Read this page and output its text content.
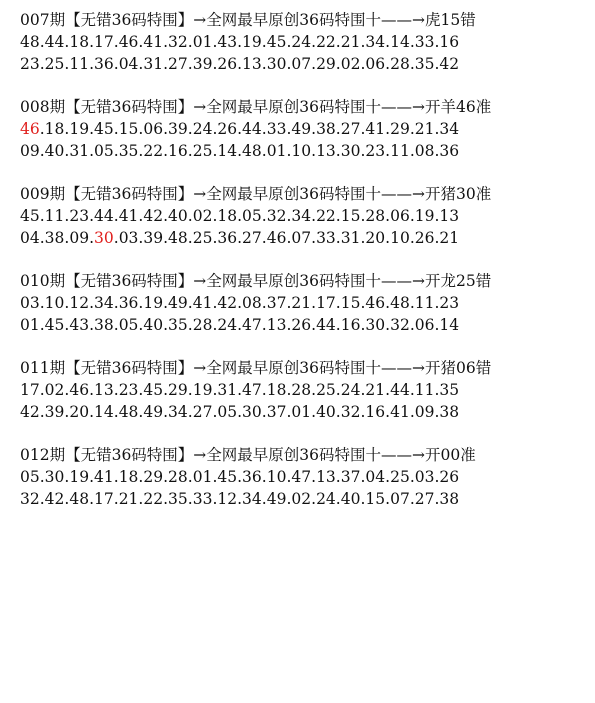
007期【无错36码特围】→全网最早原创36码特围十——→虎15错
48.44.18.17.46.41.32.01.43.19.45.24.22.21.34.14.33.16
23.25.11.36.04.31.27.39.26.13.30.07.29.02.06.28.35.42
008期【无错36码特围】→全网最早原创36码特围十——→开羊46准
46.18.19.45.15.06.39.24.26.44.33.49.38.27.41.29.21.34
09.40.31.05.35.22.16.25.14.48.01.10.13.30.23.11.08.36
009期【无错36码特围】→全网最早原创36码特围十——→开猪30准
45.11.23.44.41.42.40.02.18.05.32.34.22.15.28.06.19.13
04.38.09.30.03.39.48.25.36.27.46.07.33.31.20.10.26.21
010期【无错36码特围】→全网最早原创36码特围十——→开龙25错
03.10.12.34.36.19.49.41.42.08.37.21.17.15.46.48.11.23
01.45.43.38.05.40.35.28.24.47.13.26.44.16.30.32.06.14
011期【无错36码特围】→全网最早原创36码特围十——→开猪06错
17.02.46.13.23.45.29.19.31.47.18.28.25.24.21.44.11.35
42.39.20.14.48.49.34.27.05.30.37.01.40.32.16.41.09.38
012期【无错36码特围】→全网最早原创36码特围十——→开00准
05.30.19.41.18.29.28.01.45.36.10.47.13.37.04.25.03.26
32.42.48.17.21.22.35.33.12.34.49.02.24.40.15.07.27.38
